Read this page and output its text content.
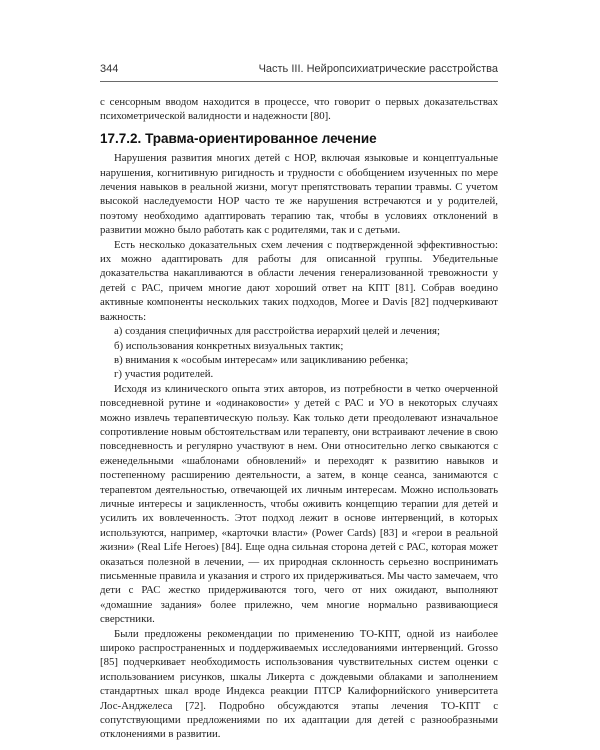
344	Часть III. Нейропсихиатрические расстройства

с сенсорным вводом находится в процессе, что говорит о первых доказательствах психометрической валидности и надежности [80].

17.7.2. Травма-ориентированное лечение

Нарушения развития многих детей с НОР, включая языковые и концептуальные нарушения, когнитивную ригидность и трудности с обобщением изученных по мере лечения навыков в реальной жизни, могут препятствовать терапии травмы. С учетом высокой наследуемости НОР часто те же нарушения встречаются и у родителей, поэтому необходимо адаптировать терапию так, чтобы в условиях отклонений в развитии можно было работать как с родителями, так и с детьми.

Есть несколько доказательных схем лечения с подтвержденной эффективностью: их можно адаптировать для работы для описанной группы. Убедительные доказательства накапливаются в области лечения генерализованной тревожности у детей с РАС, причем многие дают хороший ответ на КПТ [81]. Собрав воедино активные компоненты нескольких таких подходов, Moree и Davis [82] подчеркивают важность:

а) создания специфичных для расстройства иерархий целей и лечения;
б) использования конкретных визуальных тактик;
в) внимания к «особым интересам» или зацикливанию ребенка;
г) участия родителей.

Исходя из клинического опыта этих авторов, из потребности в четко очерченной повседневной рутине и «одинаковости» у детей с РАС и УО в некоторых случаях можно извлечь терапевтическую пользу. Как только дети преодолевают изначальное сопротивление новым обстоятельствам или терапевту, они встраивают лечение в свою повседневность и регулярно участвуют в нем. Они относительно легко свыкаются с еженедельными «шаблонами обновлений» и переходят к развитию навыков и постепенному расширению деятельности, а затем, в конце сеанса, занимаются с терапевтом деятельностью, отвечающей их личным интересам. Можно использовать личные интересы и зацикленность, чтобы оживить концепцию терапии для детей и усилить их вовлеченность. Этот подход лежит в основе интервенций, в которых используются, например, «карточки власти» (Power Cards) [83] и «герои в реальной жизни» (Real Life Heroes) [84]. Еще одна сильная сторона детей с РАС, которая может оказаться полезной в лечении, — их природная склонность серьезно воспринимать письменные правила и указания и строго их придерживаться. Мы часто замечаем, что дети с РАС жестко придерживаются того, чего от них ожидают, выполняют «домашние задания» более прилежно, чем многие нормально развивающиеся сверстники.

Были предложены рекомендации по применению ТО-КПТ, одной из наиболее широко распространенных и поддерживаемых исследованиями интервенций. Grosso [85] подчеркивает необходимость использования чувствительных систем оценки с использованием рисунков, шкалы Ликерта с дождевыми облаками и заполнением стандартных шкал вроде Индекса реакции ПТСР Калифорнийского университета Лос-Анджелеса [72]. Подробно обсуждаются этапы лечения ТО-КПТ с сопутствующими предложениями по их адаптации для детей с разнообразными отклонениями в развитии.
